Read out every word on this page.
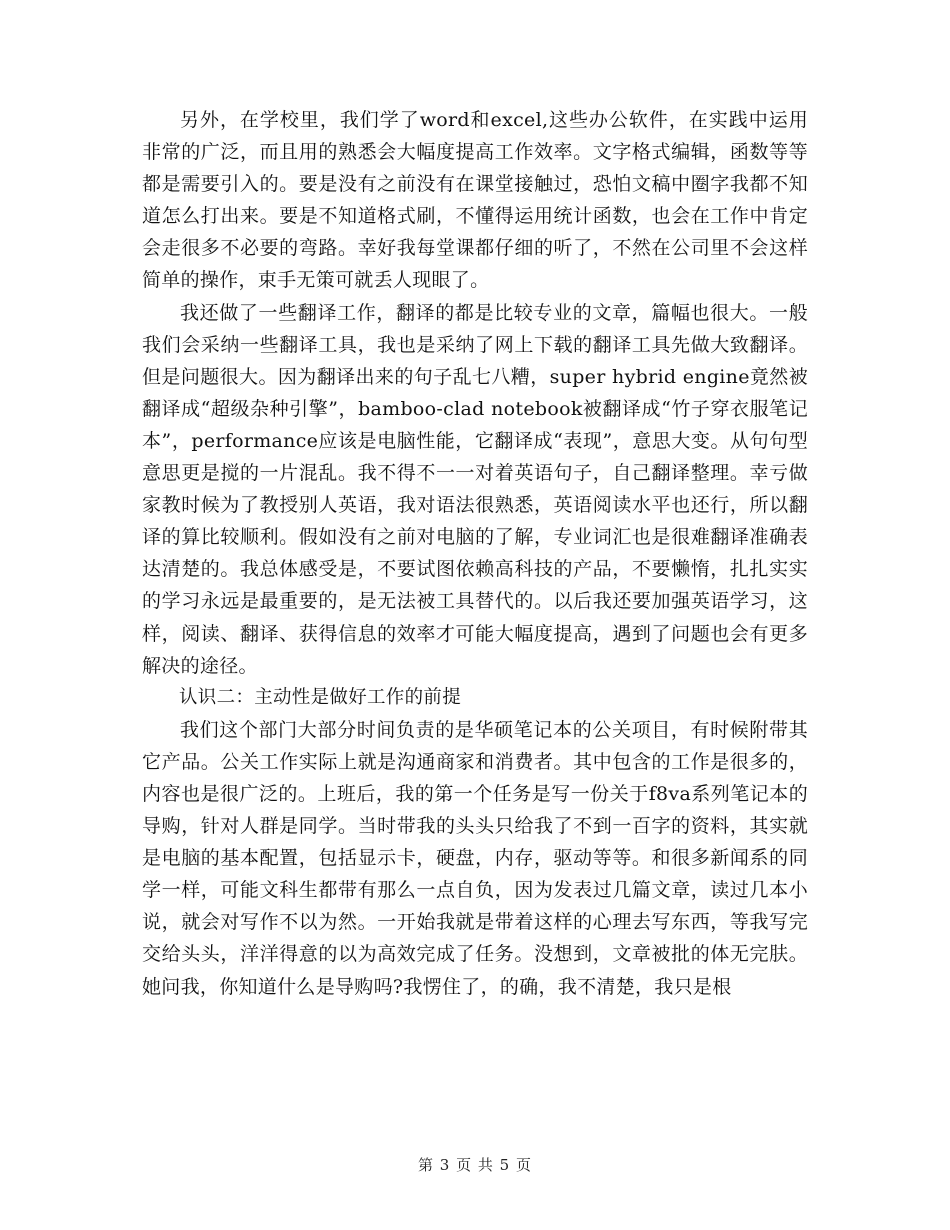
另外，在学校里，我们学了word和excel,这些办公软件，在实践中运用非常的广泛，而且用的熟悉会大幅度提高工作效率。文字格式编辑，函数等等都是需要引入的。要是没有之前没有在课堂接触过，恐怕文稿中圈字我都不知道怎么打出来。要是不知道格式刷，不懂得运用统计函数，也会在工作中肯定会走很多不必要的弯路。幸好我每堂课都仔细的听了，不然在公司里不会这样简单的操作，束手无策可就丢人现眼了。

我还做了一些翻译工作，翻译的都是比较专业的文章，篇幅也很大。一般我们会采纳一些翻译工具，我也是采纳了网上下载的翻译工具先做大致翻译。但是问题很大。因为翻译出来的句子乱七八糟，super hybrid engine竟然被翻译成“超级杂种引擎”，bamboo-clad notebook被翻译成“竹子穿衣服笔记本”，performance应该是电脑性能，它翻译成“表现”，意思大变。从句句型意思更是搅的一片混乱。我不得不一一对着英语句子，自己翻译整理。幸亏做家教时候为了教授别人英语，我对语法很熟悉，英语阅读水平也还行，所以翻译的算比较顺利。假如没有之前对电脑的了解，专业词汇也是很难翻译准确表达清楚的。我总体感受是，不要试图依赖高科技的产品，不要懒惰，扎扎实实的学习永远是最重要的，是无法被工具替代的。以后我还要加强英语学习，这样，阅读、翻译、获得信息的效率才可能大幅度提高，遇到了问题也会有更多解决的途径。

认识二：主动性是做好工作的前提

我们这个部门大部分时间负责的是华硕笔记本的公关项目，有时候附带其它产品。公关工作实际上就是沟通商家和消费者。其中包含的工作是很多的，内容也是很广泛的。上班后，我的第一个任务是写一份关于f8va系列笔记本的导购，针对人群是同学。当时带我的头头只给我了不到一百字的资料，其实就是电脑的基本配置，包括显示卡，硬盘，内存，驱动等等。和很多新闻系的同学一样，可能文科生都带有那么一点自负，因为发表过几篇文章，读过几本小说，就会对写作不以为然。一开始我就是带着这样的心理去写东西，等我写完交给头头，洋洋得意的以为高效完成了任务。没想到，文章被批的体无完肤。她问我，你知道什么是导购吗?我愣住了，的确，我不清楚，我只是根

第 3 页 共 5 页
